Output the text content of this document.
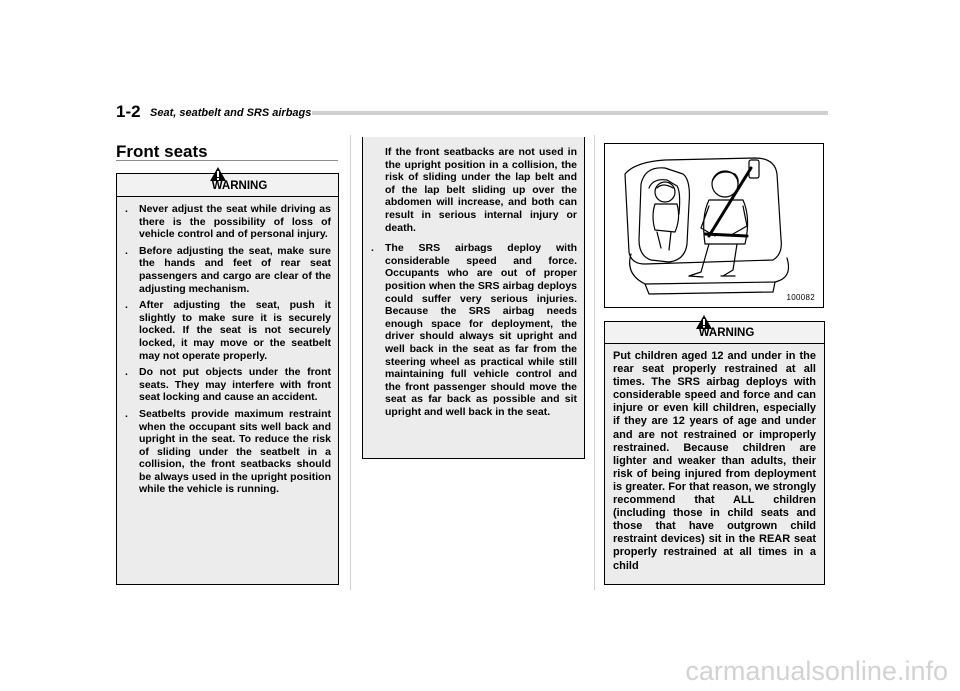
1-2 Seat, seatbelt and SRS airbags
Front seats
WARNING
. Never adjust the seat while driving as there is the possibility of loss of vehicle control and of personal injury.
. Before adjusting the seat, make sure the hands and feet of rear seat passengers and cargo are clear of the adjusting mechanism.
. After adjusting the seat, push it slightly to make sure it is securely locked. If the seat is not securely locked, it may move or the seatbelt may not operate properly.
. Do not put objects under the front seats. They may interfere with front seat locking and cause an accident.
. Seatbelts provide maximum restraint when the occupant sits well back and upright in the seat. To reduce the risk of sliding under the seatbelt in a collision, the front seatbacks should be always used in the upright position while the vehicle is running.

If the front seatbacks are not used in the upright position in a collision, the risk of sliding under the lap belt and of the lap belt sliding up over the abdomen will increase, and both can result in serious internal injury or death.

. The SRS airbags deploy with considerable speed and force. Occupants who are out of proper position when the SRS airbag deploys could suffer very serious injuries. Because the SRS airbag needs enough space for deployment, the driver should always sit upright and well back in the seat as far from the steering wheel as practical while still maintaining full vehicle control and the front passenger should move the seat as far back as possible and sit upright and well back in the seat.
100082
WARNING

Put children aged 12 and under in the rear seat properly restrained at all times. The SRS airbag deploys with considerable speed and force and can injure or even kill children, especially if they are 12 years of age and under and are not restrained or improperly restrained. Because children are lighter and weaker than adults, their risk of being injured from deployment is greater. For that reason, we strongly recommend that ALL children (including those in child seats and those that have outgrown child restraint devices) sit in the REAR seat properly restrained at all times in a child

carmanualsonline.info
